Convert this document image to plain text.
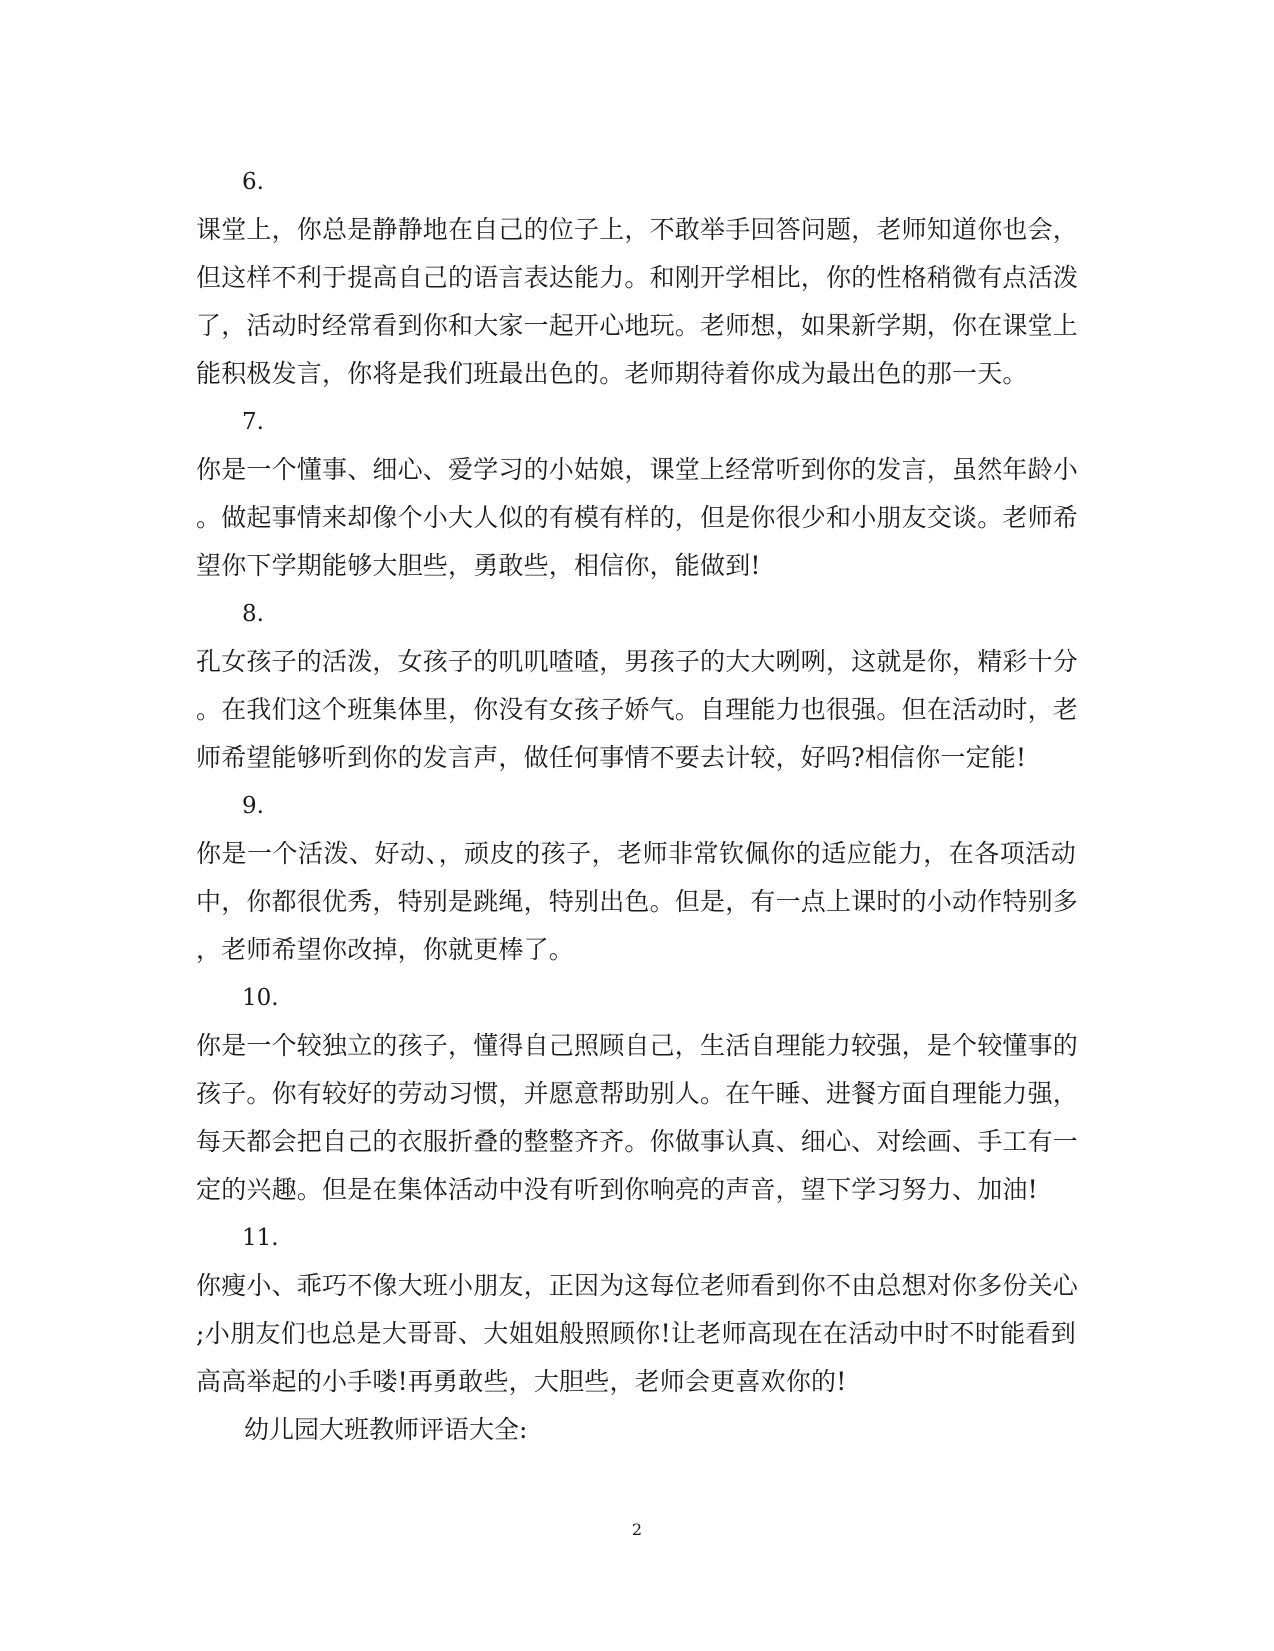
6.
课堂上，你总是静静地在自己的位子上，不敢举手回答问题，老师知道你也会，
但这样不利于提高自己的语言表达能力。和刚开学相比，你的性格稍微有点活泼
了，活动时经常看到你和大家一起开心地玩。老师想，如果新学期，你在课堂上
能积极发言，你将是我们班最出色的。老师期待着你成为最出色的那一天。
7.
你是一个懂事、细心、爱学习的小姑娘，课堂上经常听到你的发言，虽然年龄小
。做起事情来却像个小大人似的有模有样的，但是你很少和小朋友交谈。老师希
望你下学期能够大胆些，勇敢些，相信你，能做到!
8.
孔女孩子的活泼，女孩子的叽叽喳喳，男孩子的大大咧咧，这就是你，精彩十分
。在我们这个班集体里，你没有女孩子娇气。自理能力也很强。但在活动时，老
师希望能够听到你的发言声，做任何事情不要去计较，好吗?相信你一定能!
9.
你是一个活泼、好动、，顽皮的孩子，老师非常钦佩你的适应能力，在各项活动
中，你都很优秀，特别是跳绳，特别出色。但是，有一点上课时的小动作特别多
，老师希望你改掉，你就更棒了。
10.
你是一个较独立的孩子，懂得自己照顾自己，生活自理能力较强，是个较懂事的
孩子。你有较好的劳动习惯，并愿意帮助别人。在午睡、进餐方面自理能力强，
每天都会把自己的衣服折叠的整整齐齐。你做事认真、细心、对绘画、手工有一
定的兴趣。但是在集体活动中没有听到你响亮的声音，望下学习努力、加油!
11.
你瘦小、乖巧不像大班小朋友，正因为这每位老师看到你不由总想对你多份关心
;小朋友们也总是大哥哥、大姐姐般照顾你!让老师高现在在活动中时不时能看到
高高举起的小手喽!再勇敢些，大胆些，老师会更喜欢你的!
幼儿园大班教师评语大全:
2
